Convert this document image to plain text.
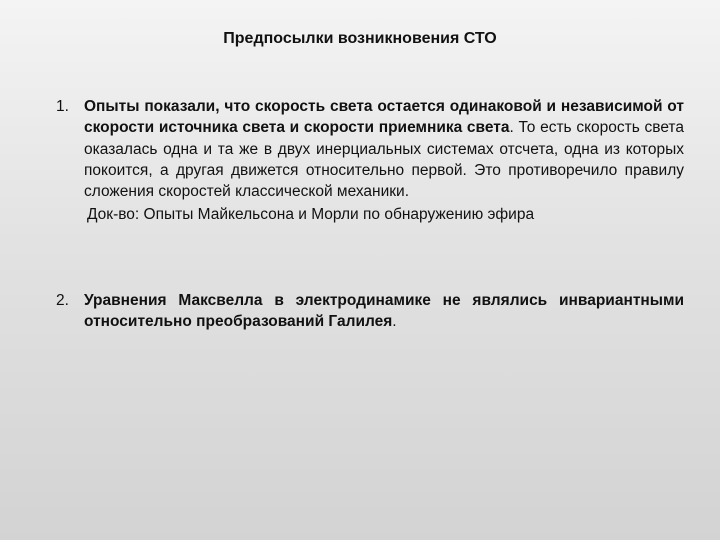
Предпосылки возникновения СТО
1. Опыты показали, что скорость света остается одинаковой и независимой от скорости источника света и скорости приемника света. То есть скорость света оказалась одна и та же в двух инерциальных системах отсчета, одна из которых покоится, а другая движется относительно первой. Это противоречило правилу сложения скоростей классической механики.
Док-во: Опыты Майкельсона и Морли по обнаружению эфира
2. Уравнения Максвелла в электродинамике не являлись инвариантными относительно преобразований Галилея.
